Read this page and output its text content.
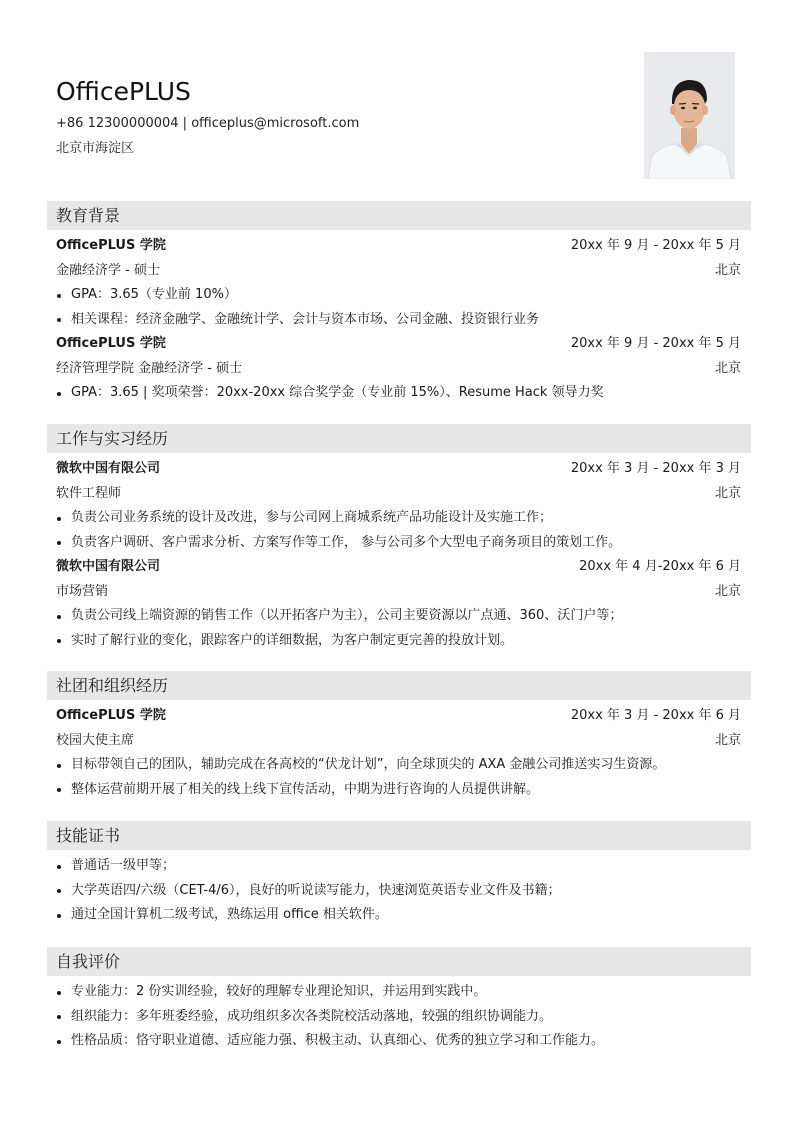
OfficePLUS
+86 12300000004 | officeplus@microsoft.com
北京市海淀区
教育背景
OfficePLUS 学院	20xx 年 9 月 - 20xx 年 5 月
金融经济学 - 硕士	北京
GPA：3.65（专业前 10%）
相关课程：经济金融学、金融统计学、会计与资本市场、公司金融、投资银行业务
OfficePLUS 学院	20xx 年 9 月 - 20xx 年 5 月
经济管理学院 金融经济学 - 硕士	北京
GPA：3.65 | 奖项荣誉：20xx-20xx 综合奖学金（专业前 15%）、Resume Hack 领导力奖
工作与实习经历
微软中国有限公司	20xx 年 3 月 - 20xx 年 3 月
软件工程师	北京
负责公司业务系统的设计及改进，参与公司网上商城系统产品功能设计及实施工作；
负责客户调研、客户需求分析、方案写作等工作， 参与公司多个大型电子商务项目的策划工作。
微软中国有限公司	20xx 年 4 月-20xx 年 6 月
市场营销	北京
负责公司线上端资源的销售工作（以开拓客户为主），公司主要资源以广点通、360、沃门户等；
实时了解行业的变化，跟踪客户的详细数据，为客户制定更完善的投放计划。
社团和组织经历
OfficePLUS 学院	20xx 年 3 月 - 20xx 年 6 月
校园大使主席	北京
目标带领自己的团队，辅助完成在各高校的“伏龙计划”，向全球顶尖的 AXA 金融公司推送实习生资源。
整体运营前期开展了相关的线上线下宣传活动，中期为进行咨询的人员提供讲解。
技能证书
普通话一级甲等；
大学英语四/六级（CET-4/6），良好的听说读写能力，快速浏览英语专业文件及书籍；
通过全国计算机二级考试，熟练运用 office 相关软件。
自我评价
专业能力：2 份实训经验，较好的理解专业理论知识，并运用到实践中。
组织能力：多年班委经验，成功组织多次各类院校活动落地，较强的组织协调能力。
性格品质：恪守职业道德、适应能力强、积极主动、认真细心、优秀的独立学习和工作能力。
